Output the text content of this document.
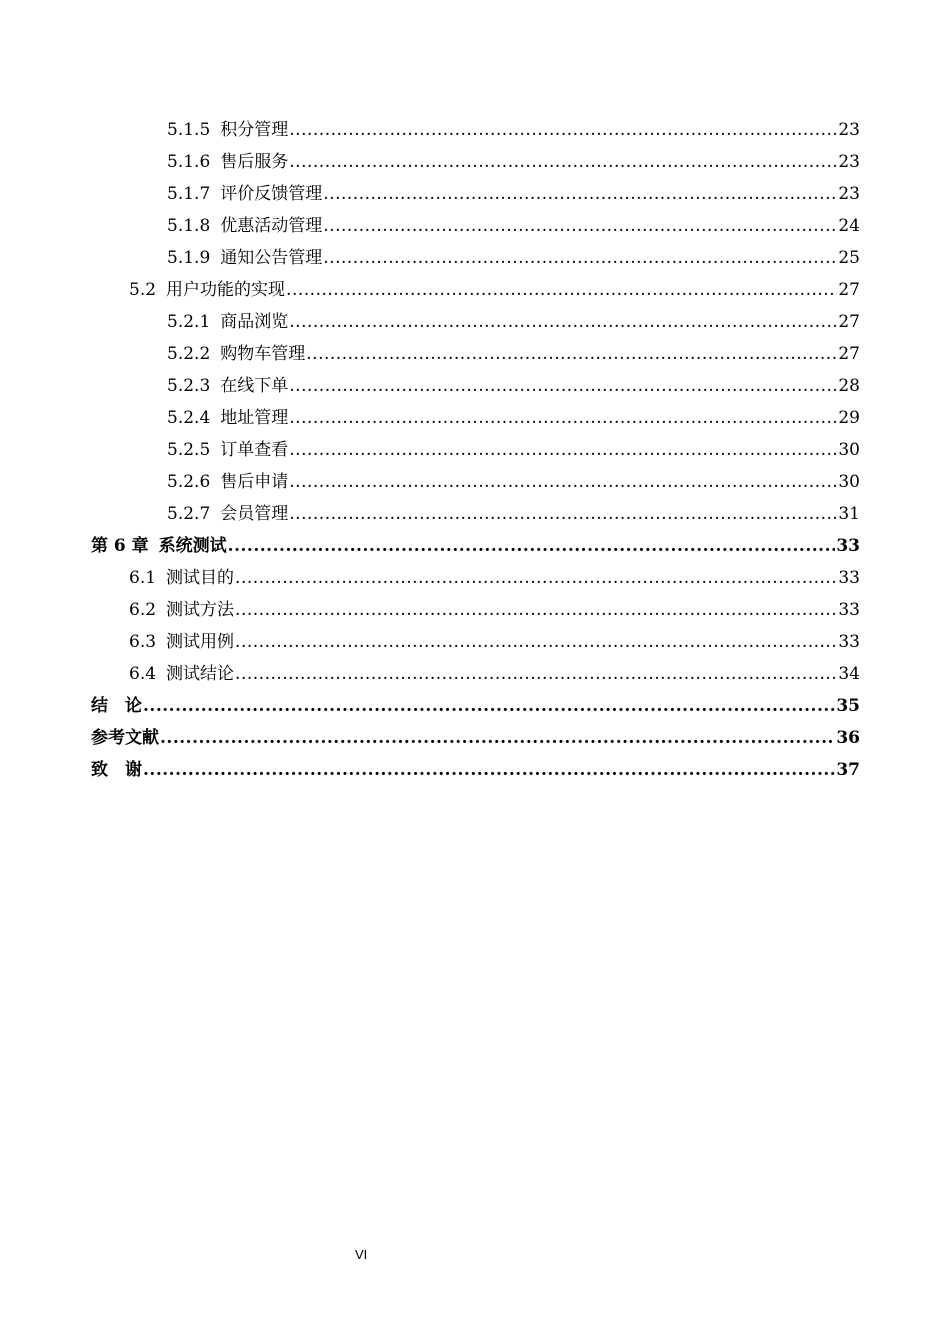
5.1.5 积分管理 .....	23
5.1.6 售后服务 .....	23
5.1.7 评价反馈管理 .....	23
5.1.8 优惠活动管理 .....	24
5.1.9 通知公告管理 .....	25
5.2 用户功能的实现 .....	27
5.2.1 商品浏览 .....	27
5.2.2 购物车管理 .....	27
5.2.3 在线下单 .....	28
5.2.4 地址管理 .....	29
5.2.5 订单查看 .....	30
5.2.6 售后申请 .....	30
5.2.7 会员管理 .....	31
第 6 章 系统测试 .....	33
6.1 测试目的 .....	33
6.2 测试方法 .....	33
6.3 测试用例 .....	33
6.4 测试结论 .....	34
结　论 .....	35
参考文献 .....	36
致　谢 .....	37
VI
